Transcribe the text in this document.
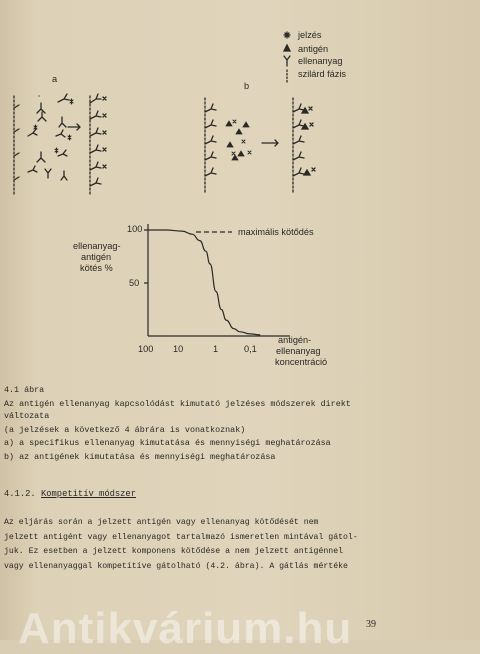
jelzés
antigén
ellenanyag
szilárd fázis
a
b
ellenanyag-
antigén
kötés %
100
50
maximális kötődés
100 10	1	0,1
antigén-
ellenanyag
koncentráció
4.1 ábra
Az antigén ellenanyag kapcsolódást kimutató jelzéses módszerek direkt
változata
(a jelzések a következő 4 ábrára is vonatkoznak)
a) a specifikus ellenanyag kimutatása és mennyiségi meghatározása
b) az antigének kimutatása és mennyiségi meghatározása
4.1.2. Kompetitív módszer
Az eljárás során a jelzett antigén vagy ellenanyag kötődését nem
jelzett antigént vagy ellenanyagot tartalmazó ismeretlen mintával gátol-
juk. Ez esetben a jelzett komponens kötődése a nem jelzett antigénnel
vagy ellenanyaggal kompetitíve gátolható (4.2. ábra). A gátlás mértéke
39
Antikvárium.hu
